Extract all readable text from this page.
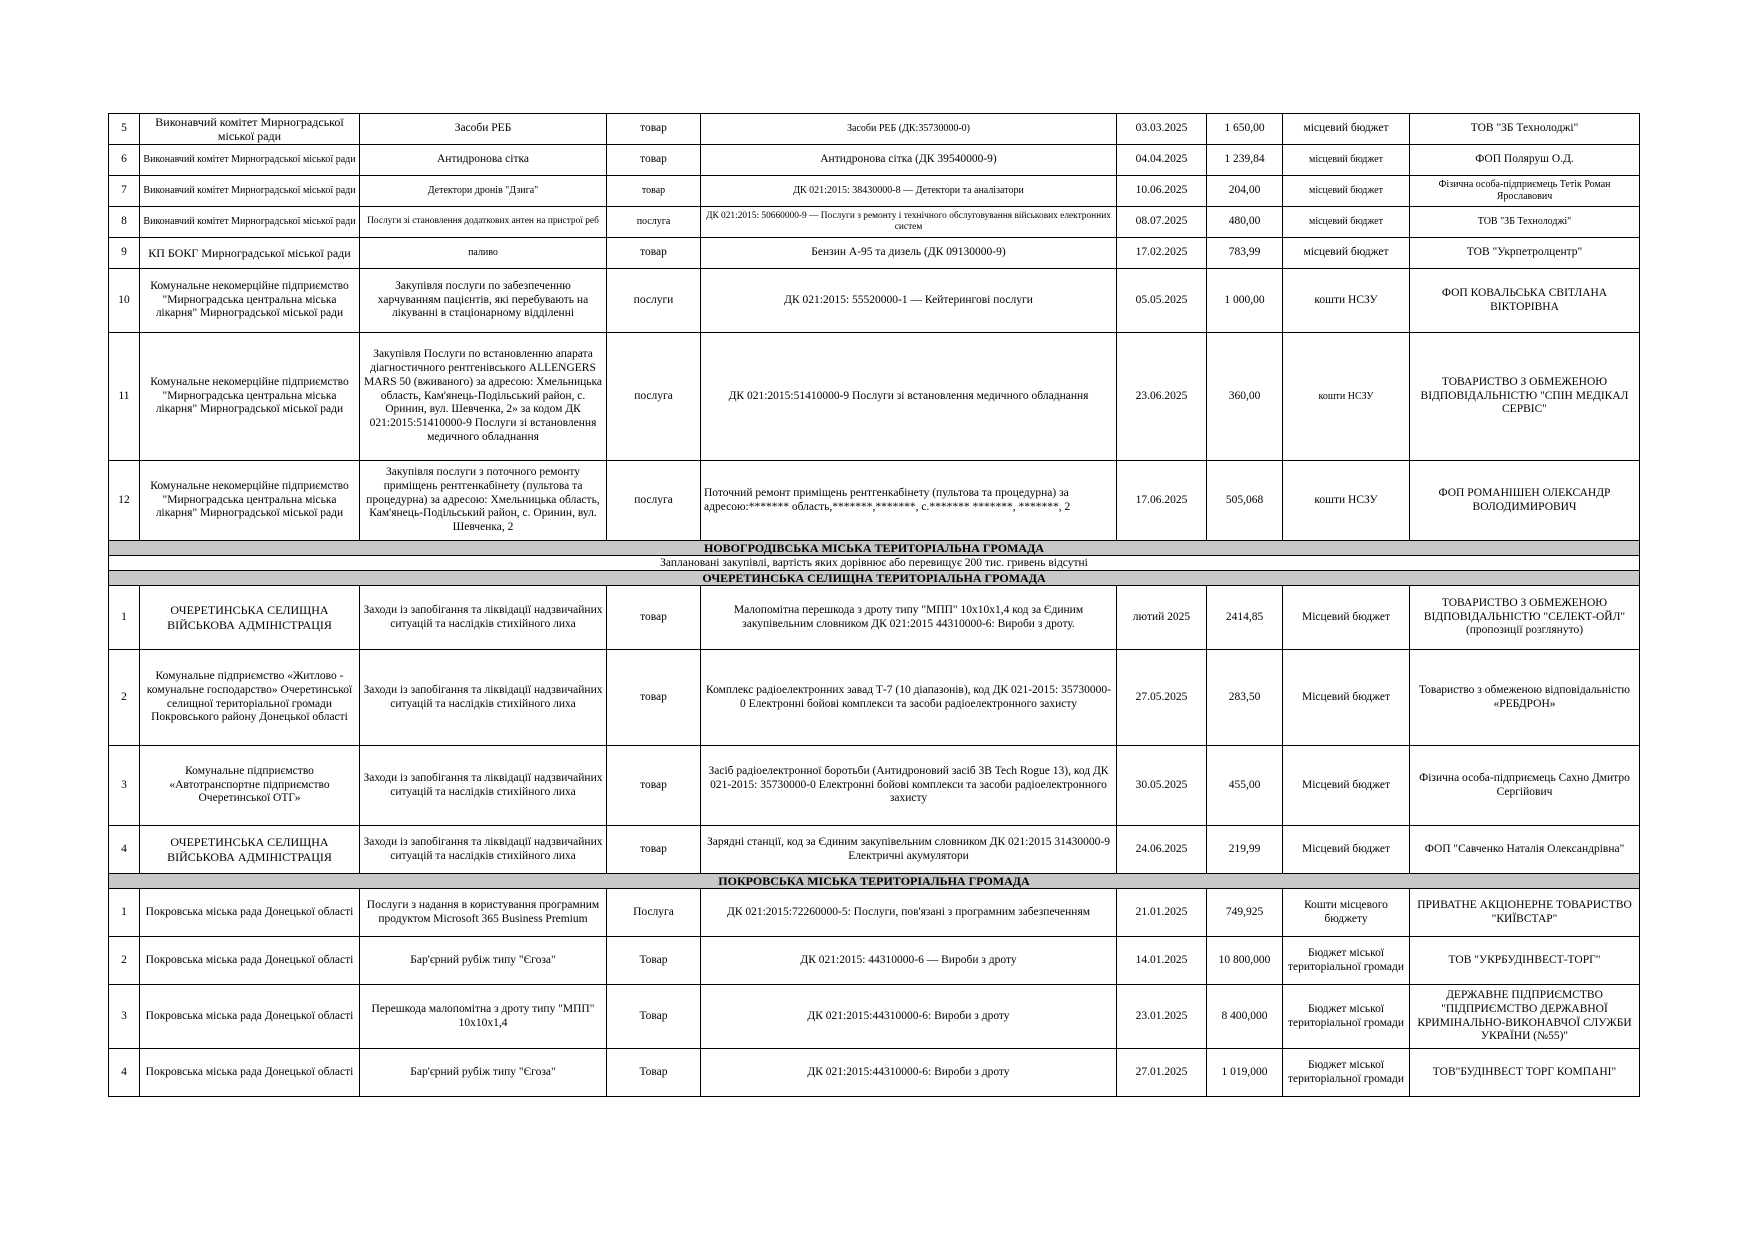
5	Виконавчий комітет Мирноградської міської ради	Засоби РЕБ	товар	Засоби РЕБ (ДК:35730000-0)	03.03.2025	1 650,00	місцевий бюджет	ТОВ "ЗБ Технолоджі"
6	Виконавчий комітет Мирноградської міської ради	Антидронова сітка	товар	Антидронова сітка (ДК 39540000-9)	04.04.2025	1 239,84	місцевий бюджет	ФОП Поляруш О.Д.
7	Виконавчий комітет Мирноградської міської ради	Детектори дронів "Дзига"	товар	ДК 021:2015: 38430000-8 — Детектори та аналізатори	10.06.2025	204,00	місцевий бюджет	Фізична особа-підприємець Тетік Роман Ярославович
8	Виконавчий комітет Мирноградської міської ради	Послуги зі становлення додаткових антен на пристрої реб	послуга	ДК 021:2015: 50660000-9 — Послуги з ремонту і технічного обслуговування військових електронних систем	08.07.2025	480,00	місцевий бюджет	ТОВ "ЗБ Технолоджі"
9	КП БОКГ Мирноградської міської ради	паливо	товар	Бензин А-95 та дизель (ДК 09130000-9)	17.02.2025	783,99	місцевий бюджет	ТОВ "Укрпетролцентр"
10	Комунальне некомерційне підприємство "Мирноградська центральна міська лікарня" Мирноградської міської ради	Закупівля послуги по забезпеченню харчуванням пацієнтів, які перебувають на лікуванні в стаціонарному відділенні	послуги	ДК 021:2015: 55520000-1 — Кейтерингові послуги	05.05.2025	1 000,00	кошти НСЗУ	ФОП КОВАЛЬСЬКА СВІТЛАНА ВІКТОРІВНА
11	Комунальне некомерційне підприємство "Мирноградська центральна міська лікарня" Мирноградської міської ради	Закупівля Послуги по встановленню апарата діагностичного рентгенівського ALLENGERS MARS 50 (вживаного) за адресою: Хмельницька область, Кам'янець-Подільський район, с. Оринин, вул. Шевченка, 2» за кодом ДК 021:2015:51410000-9 Послуги зі встановлення медичного обладнання	послуга	ДК 021:2015:51410000-9 Послуги зі встановлення медичного обладнання	23.06.2025	360,00	кошти НСЗУ	ТОВАРИСТВО З ОБМЕЖЕНОЮ ВІДПОВІДАЛЬНІСТЮ "СПІН МЕДІКАЛ СЕРВІС"
12	Комунальне некомерційне підприємство "Мирноградська центральна міська лікарня" Мирноградської міської ради	Закупівля послуги з поточного ремонту приміщень рентгенкабінету (пультова та процедурна) за адресою: Хмельницька область, Кам'янець-Подільський район, с. Оринин, вул. Шевченка, 2	послуга	Поточний ремонт приміщень рентгенкабінету (пультова та процедурна) за адресою:******* область,*******,*******, с.******* *******, *******, 2	17.06.2025	505,068	кошти НСЗУ	ФОП РОМАНІШЕН ОЛЕКСАНДР ВОЛОДИМИРОВИЧ
НОВОГРОДІВСЬКА МІСЬКА ТЕРИТОРІАЛЬНА ГРОМАДА								
Заплановані закупівлі, вартість яких дорівнює або перевищує 200 тис. гривень відсутні								
ОЧЕРЕТИНСЬКА СЕЛИЩНА ТЕРИТОРІАЛЬНА ГРОМАДА								
1	ОЧЕРЕТИНСЬКА СЕЛИЩНА ВІЙСЬКОВА АДМІНІСТРАЦІЯ	Заходи із запобігання та ліквідації надзвичайних ситуацій та наслідків стихійного лиха	товар	Малопомітна перешкода з дроту типу "МПП" 10х10х1,4 код за Єдиним закупівельним словником ДК 021:2015 44310000-6: Вироби з дроту.	лютий 2025	2414,85	Місцевий бюджет	ТОВАРИСТВО З ОБМЕЖЕНОЮ ВІДПОВІДАЛЬНІСТЮ "СЕЛЕКТ-ОЙЛ" (пропозиції розглянуто)
2	Комунальне підприємство «Житлово - комунальне господарство» Очеретинської селищної територіальної громади Покровського району Донецької області	Заходи із запобігання та ліквідації надзвичайних ситуацій та наслідків стихійного лиха	товар	Комплекс радіоелектронних завад Т-7 (10 діапазонів), код ДК 021-2015: 35730000-0 Електронні бойові комплекси та засоби радіоелектронного захисту	27.05.2025	283,50	Місцевий бюджет	Товариство з обмеженою відповідальністю «РЕБДРОН»
3	Комунальне підприємство «Автотранспортне підприємство Очеретинської ОТГ»	Заходи із запобігання та ліквідації надзвичайних ситуацій та наслідків стихійного лиха	товар	Засіб радіоелектронної боротьби (Антидроновий засіб 3В Tech Rogue 13), код ДК 021-2015: 35730000-0 Електронні бойові комплекси та засоби радіоелектронного захисту	30.05.2025	455,00	Місцевий бюджет	Фізична особа-підприємець Сахно Дмитро Сергійович
4	ОЧЕРЕТИНСЬКА СЕЛИЩНА ВІЙСЬКОВА АДМІНІСТРАЦІЯ	Заходи із запобігання та ліквідації надзвичайних ситуацій та наслідків стихійного лиха	товар	Зарядні станції, код за Єдиним закупівельним словником ДК 021:2015 31430000-9 Електричні акумулятори	24.06.2025	219,99	Місцевий бюджет	ФОП "Савченко Наталія Олександрівна"
ПОКРОВСЬКА МІСЬКА ТЕРИТОРІАЛЬНА ГРОМАДА								
1	Покровська міська рада Донецької області	Послуги з надання в користування програмним продуктом Microsoft 365 Business Premium	Послуга	ДК 021:2015:72260000-5: Послуги, пов'язані з програмним забезпеченням	21.01.2025	749,925	Кошти місцевого бюджету	ПРИВАТНЕ АКЦІОНЕРНЕ ТОВАРИСТВО "КИЇВСТАР"
2	Покровська міська рада Донецької області	Бар'єрний рубіж типу "Єгоза"	Товар	ДК 021:2015: 44310000-6 — Вироби з дроту	14.01.2025	10 800,000	Бюджет міської територіальної громади	ТОВ "УКРБУДІНВЕСТ-ТОРГ"
3	Покровська міська рада Донецької області	Перешкода малопомітна з дроту типу "МПП" 10х10х1,4	Товар	ДК 021:2015:44310000-6: Вироби з дроту	23.01.2025	8 400,000	Бюджет міської територіальної громади	ДЕРЖАВНЕ ПІДПРИЄМСТВО "ПІДПРИЄМСТВО ДЕРЖАВНОЇ КРИМІНАЛЬНО-ВИКОНАВЧОЇ СЛУЖБИ УКРАЇНИ (№55)"
4	Покровська міська рада Донецької області	Бар'єрний рубіж типу "Єгоза"	Товар	ДК 021:2015:44310000-6: Вироби з дроту	27.01.2025	1 019,000	Бюджет міської територіальної громади	ТОВ"БУДІНВЕСТ ТОРГ КОМПАНІ"
